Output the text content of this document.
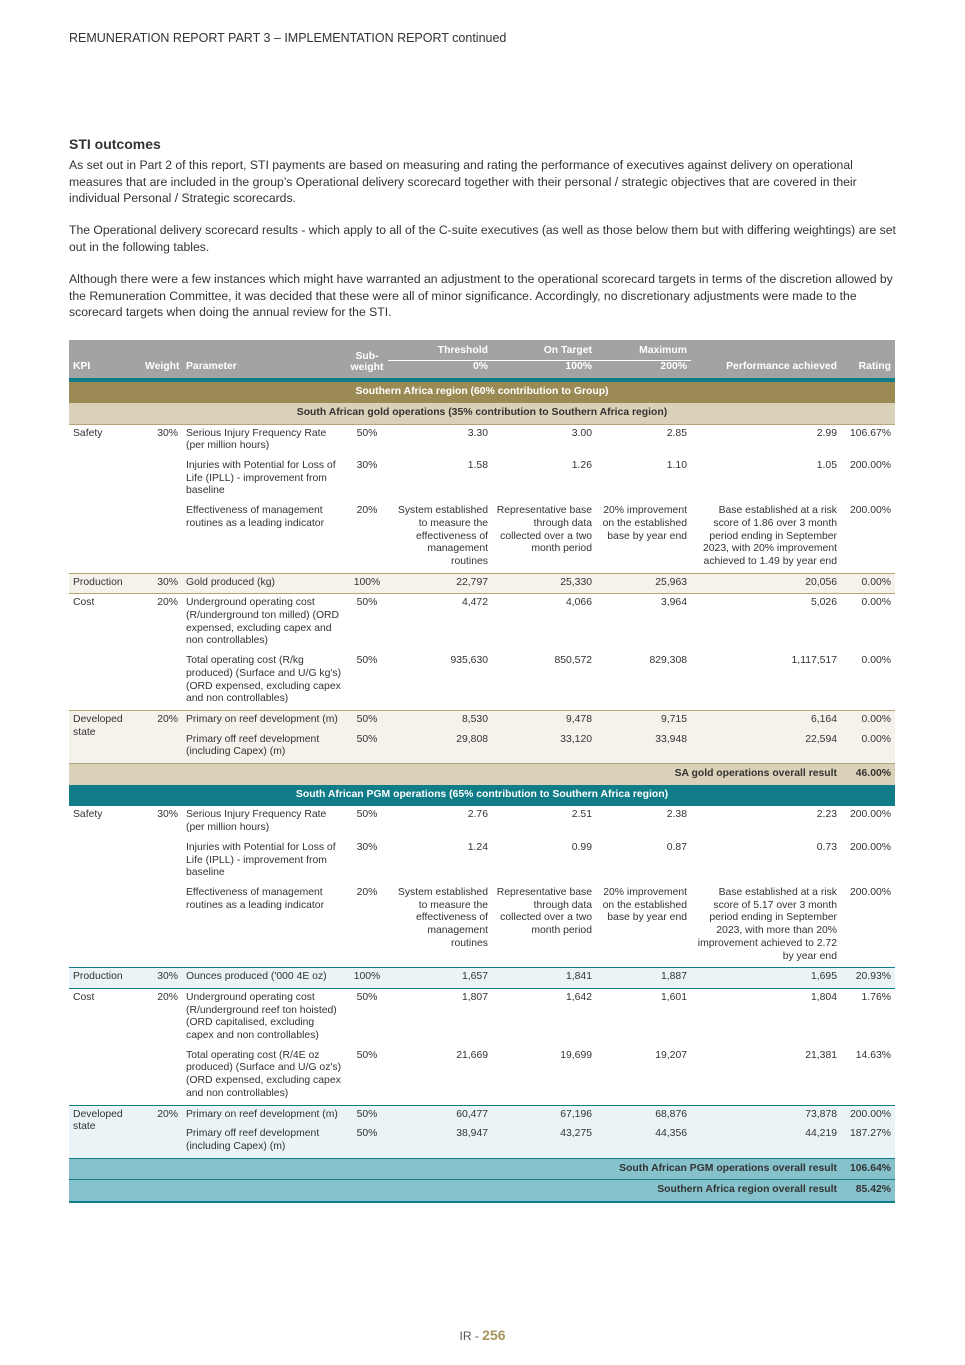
REMUNERATION REPORT PART 3 – IMPLEMENTATION REPORT continued
STI outcomes

As set out in Part 2 of this report, STI payments are based on measuring and rating the performance of executives against delivery on operational measures that are included in the group’s Operational delivery scorecard together with their personal / strategic objectives that are covered in their individual Personal / Strategic scorecards.

The Operational delivery scorecard results - which apply to all of the C-suite executives (as well as those below them but with differing weightings) are set out in the following tables.

Although there were a few instances which might have warranted an adjustment to the operational scorecard targets in terms of the discretion allowed by the Remuneration Committee, it was decided that these were all of minor significance. Accordingly, no discretionary adjustments were made to the scorecard targets when doing the annual review for the STI.

KPI	Weight	Parameter	Sub-weight	Threshold	On Target	Maximum	Performance achieved	Rating
				0%	100%	200%		

Southern Africa region (60% contribution to Group)								
South African gold operations (35% contribution to Southern Africa region)								
Safety	30%	Serious Injury Frequency Rate (per million hours)	50%	3.30	3.00	2.85	2.99	106.67%
		Injuries with Potential for Loss of Life (IPLL) - improvement from baseline	30%	1.58	1.26	1.10	1.05	200.00%
		Effectiveness of management routines as a leading indicator	20%	System established to measure the effectiveness of management routines	Representative base through data collected over a two month period	20% improvement on the established base by year end	Base established at a risk score of 1.86 over 3 month period ending in September 2023, with 20% improvement achieved to 1.49 by year end	200.00%
Production	30%	Gold produced (kg)	100%	22,797	25,330	25,963	20,056	0.00%
Cost	20%	Underground operating cost (R/underground ton milled) (ORD expensed, excluding capex and non controllables)	50%	4,472	4,066	3,964	5,026	0.00%
		Total operating cost (R/kg produced) (Surface and U/G kg's) (ORD expensed, excluding capex and non controllables)	50%	935,630	850,572	829,308	1,117,517	0.00%
Developed state	20%	Primary on reef development (m)	50%	8,530	9,478	9,715	6,164	0.00%
		Primary off reef development (including Capex) (m)	50%	29,808	33,120	33,948	22,594	0.00%
SA gold operations overall result								46.00%
South African PGM operations (65% contribution to Southern Africa region)								
Safety	30%	Serious Injury Frequency Rate (per million hours)	50%	2.76	2.51	2.38	2.23	200.00%
		Injuries with Potential for Loss of Life (IPLL) - improvement from baseline	30%	1.24	0.99	0.87	0.73	200.00%
		Effectiveness of management routines as a leading indicator	20%	System established to measure the effectiveness of management routines	Representative base through data collected over a two month period	20% improvement on the established base by year end	Base established at a risk score of 5.17 over 3 month period ending in September 2023, with more than 20% improvement achieved to 2.72 by year end	200.00%
Production	30%	Ounces produced ('000 4E oz)	100%	1,657	1,841	1,887	1,695	20.93%
Cost	20%	Underground operating cost (R/underground reef ton hoisted) (ORD capitalised, excluding capex and non controllables)	50%	1,807	1,642	1,601	1,804	1.76%
		Total operating cost (R/4E oz produced) (Surface and U/G oz's) (ORD expensed, excluding capex and non controllables)	50%	21,669	19,699	19,207	21,381	14.63%
Developed state	20%	Primary on reef development (m)	50%	60,477	67,196	68,876	73,878	200.00%
		Primary off reef development (including Capex) (m)	50%	38,947	43,275	44,356	44,219	187.27%
South African PGM operations overall result								106.64%
Southern Africa region overall result								85.42%
IR - 256
